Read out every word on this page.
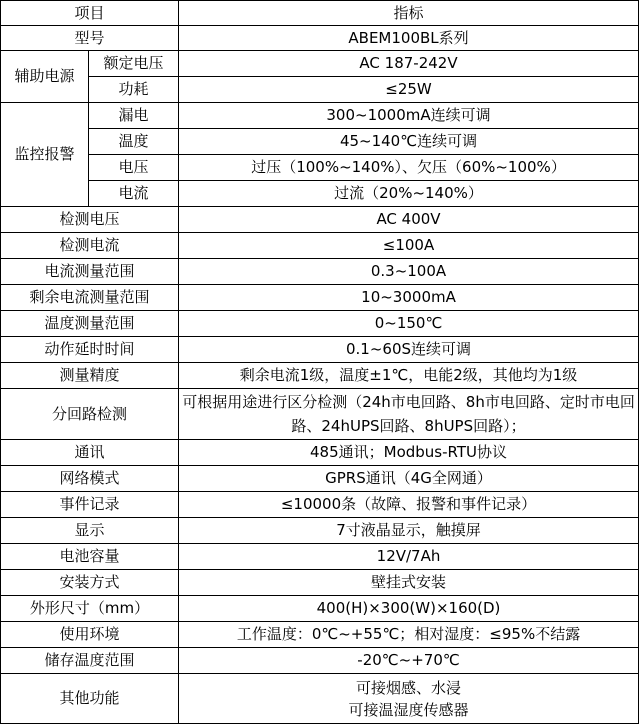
项目		指标
型号		ABEM100BL系列
辅助电源	额定电压	AC 187-242V
	功耗	≤25W
监控报警	漏电	300~1000mA连续可调
	温度	45~140℃连续可调
	电压	过压（100%~140%）、欠压（60%~100%）
	电流	过流（20%~140%）
检测电压		AC 400V
检测电流		≤100A
电流测量范围		0.3~100A
剩余电流测量范围		10~3000mA
温度测量范围		0~150℃
动作延时时间		0.1~60S连续可调
测量精度		剩余电流1级，温度±1℃，电能2级，其他均为1级
分回路检测		可根据用途进行区分检测（24h市电回路、8h市电回路、定时市电回路、24hUPS回路、8hUPS回路）；
通讯		485通讯；Modbus-RTU协议
网络模式		GPRS通讯（4G全网通）
事件记录		≤10000条（故障、报警和事件记录）
显示		7寸液晶显示，触摸屏
电池容量		12V/7Ah
安装方式		壁挂式安装
外形尺寸（mm）		400(H)×300(W)×160(D)
使用环境		工作温度：0℃~+55℃；相对湿度：≤95%不结露
储存温度范围		-20℃~+70℃
其他功能		可接烟感、水浸
可接温湿度传感器
